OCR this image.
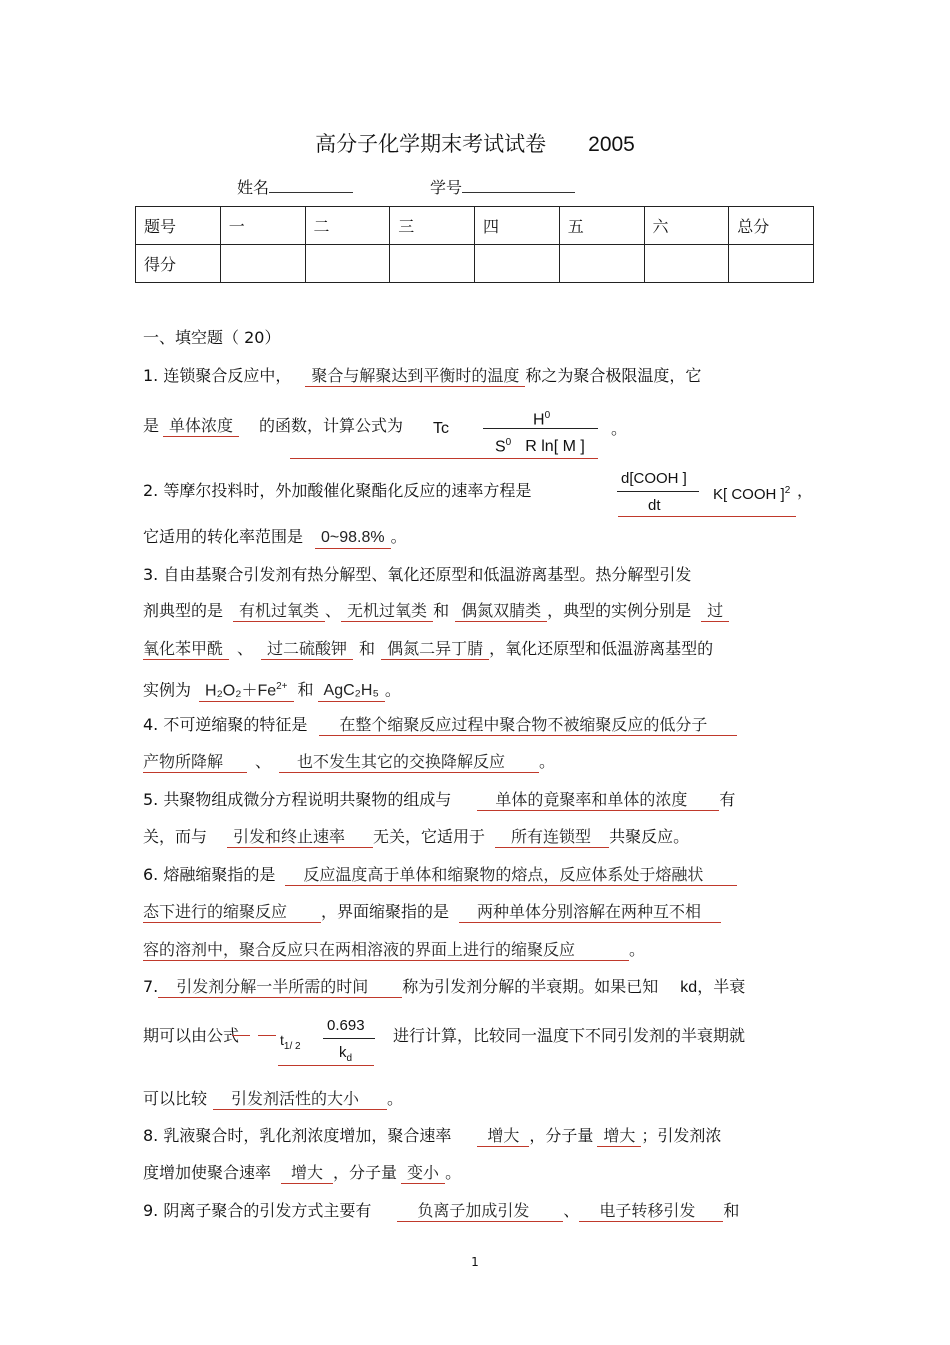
高分子化学期末考试试卷 2005
姓名	学号
题号	一	二	三	四	五	六	总分
得分							
一、填空题（ 20）
1. 连锁聚合反应中， 聚合与解聚达到平衡时的温度 称之为聚合极限温度，它
是 单体浓度	的函数，计算公式为 Tc
$H^0$
$S^0$ R ln[ M ]
。
2. 等摩尔投料时，外加酸催化聚酯化反应的速率方程是
d[COOH ]
dt
K[ COOH ]$^2$ ，
它适用的转化率范围是 0~98.8% 。
3. 自由基聚合引发剂有热分解型、氧化还原型和低温游离基型。热分解型引发
剂典型的是 有机过氧类 、 无机过氧类 和 偶氮双腈类 ，典型的实例分别是 过
氧化苯甲酰 、 过二硫酸钾 和 偶氮二异丁腈 ，氧化还原型和低温游离基型的
实例为 $H_2O_2+Fe^{2+}$ 和 AgC₂H₅ 。
4. 不可逆缩聚的特征是 在整个缩聚反应过程中聚合物不被缩聚反应的低分子
产物所降解 、 也不发生其它的交换降解反应 。
5. 共聚物组成微分方程说明共聚物的组成与	单体的竟聚率和单体的浓度 有
关，而与 引发和终止速率 无关，它适用于 所有连锁型 共聚反应。
6. 熔融缩聚指的是 反应温度高于单体和缩聚物的熔点，反应体系处于熔融状
态下进行的缩聚反应 ，界面缩聚指的是 两种单体分别溶解在两种互不相
容的溶剂中，聚合反应只在两相溶液的界面上进行的缩聚反应	。
7. 引发剂分解一半所需的时间 称为引发剂分解的半衰期。如果已知 kd，半衰
期可以由公式	$t_{1/ 2}$
0.693
$k_d$
进行计算，比较同一温度下不同引发剂的半衰期就
可以比较 引发剂活性的大小 。
8. 乳液聚合时，乳化剂浓度增加，聚合速率 增大 ，分子量 增大 ；引发剂浓
度增加使聚合速率 增大 ，分子量 变小 。
9. 阴离子聚合的引发方式主要有	负离子加成引发 、 电子转移引发 和
1
